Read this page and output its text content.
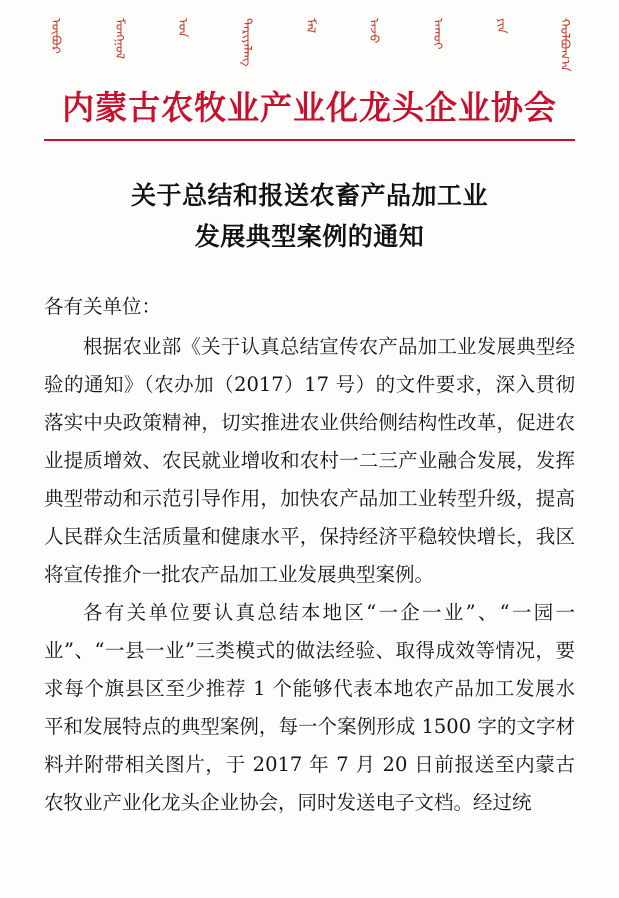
ᠥᠪᠥᠷ	ᠮᠣᠩᠭᠣᠯ	ᠤᠨ	ᠲᠠᠷᠢᠶᠠᠯᠠᠩ	ᠮᠠᠯ	ᠠᠵᠤ	ᠠᠬᠤᠢ	ᠶᠢᠨ	ᠬᠣᠯᠪᠣᠭ᠎ᠠ
内蒙古农牧业产业化龙头企业协会
关于总结和报送农畜产品加工业
发展典型案例的通知

各有关单位：

根据农业部《关于认真总结宣传农产品加工业发展典型经验的通知》（农办加（2017）17 号）的文件要求，深入贯彻落实中央政策精神，切实推进农业供给侧结构性改革，促进农业提质增效、农民就业增收和农村一二三产业融合发展，发挥典型带动和示范引导作用，加快农产品加工业转型升级，提高人民群众生活质量和健康水平，保持经济平稳较快增长，我区将宣传推介一批农产品加工业发展典型案例。

各有关单位要认真总结本地区“一企一业”、“一园一业”、“一县一业”三类模式的做法经验、取得成效等情况，要求每个旗县区至少推荐 1 个能够代表本地农产品加工发展水平和发展特点的典型案例，每一个案例形成 1500 字的文字材料并附带相关图片，于 2017 年 7 月 20 日前报送至内蒙古农牧业产业化龙头企业协会，同时发送电子文档。经过统
